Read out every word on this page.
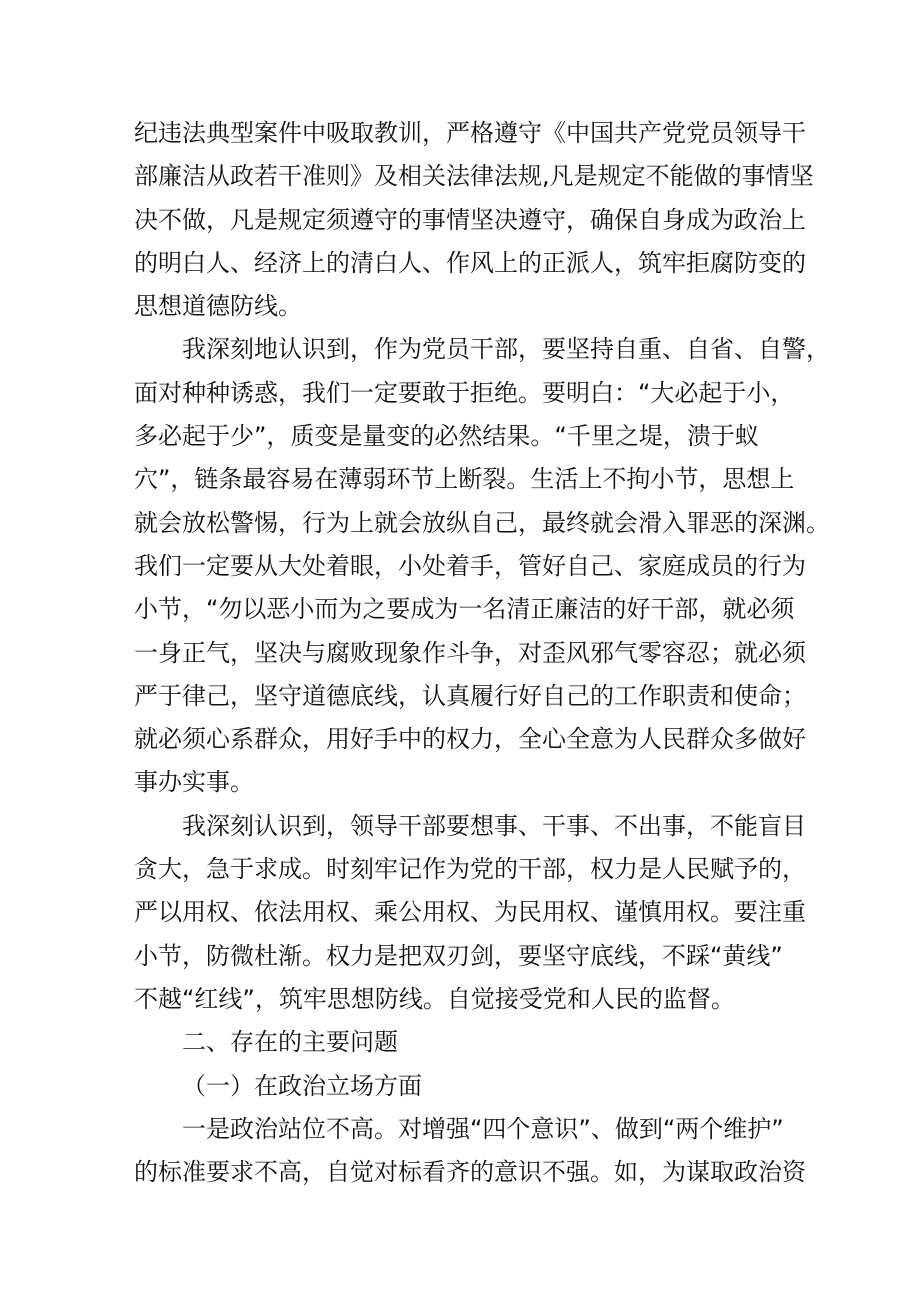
纪违法典型案件中吸取教训，严格遵守《中国共产党党员领导干
部廉洁从政若干准则》及相关法律法规,凡是规定不能做的事情坚
决不做，凡是规定须遵守的事情坚决遵守，确保自身成为政治上
的明白人、经济上的清白人、作风上的正派人，筑牢拒腐防变的
思想道德防线。
我深刻地认识到，作为党员干部，要坚持自重、自省、自警，
面对种种诱惑，我们一定要敢于拒绝。要明白：“大必起于小，
多必起于少”，质变是量变的必然结果。“千里之堤，溃于蚁
穴”，链条最容易在薄弱环节上断裂。生活上不拘小节，思想上
就会放松警惕，行为上就会放纵自己，最终就会滑入罪恶的深渊。
我们一定要从大处着眼，小处着手，管好自己、家庭成员的行为
小节，“勿以恶小而为之要成为一名清正廉洁的好干部，就必须
一身正气，坚决与腐败现象作斗争，对歪风邪气零容忍；就必须
严于律己，坚守道德底线，认真履行好自己的工作职责和使命；
就必须心系群众，用好手中的权力，全心全意为人民群众多做好
事办实事。
我深刻认识到，领导干部要想事、干事、不出事，不能盲目
贪大，急于求成。时刻牢记作为党的干部，权力是人民赋予的，
严以用权、依法用权、乘公用权、为民用权、谨慎用权。要注重
小节，防微杜渐。权力是把双刃剑，要坚守底线，不踩“黄线”
不越“红线”，筑牢思想防线。自觉接受党和人民的监督。
二、存在的主要问题
（一）在政治立场方面
一是政治站位不高。对增强“四个意识”、做到“两个维护”
的标准要求不高，自觉对标看齐的意识不强。如，为谋取政治资
